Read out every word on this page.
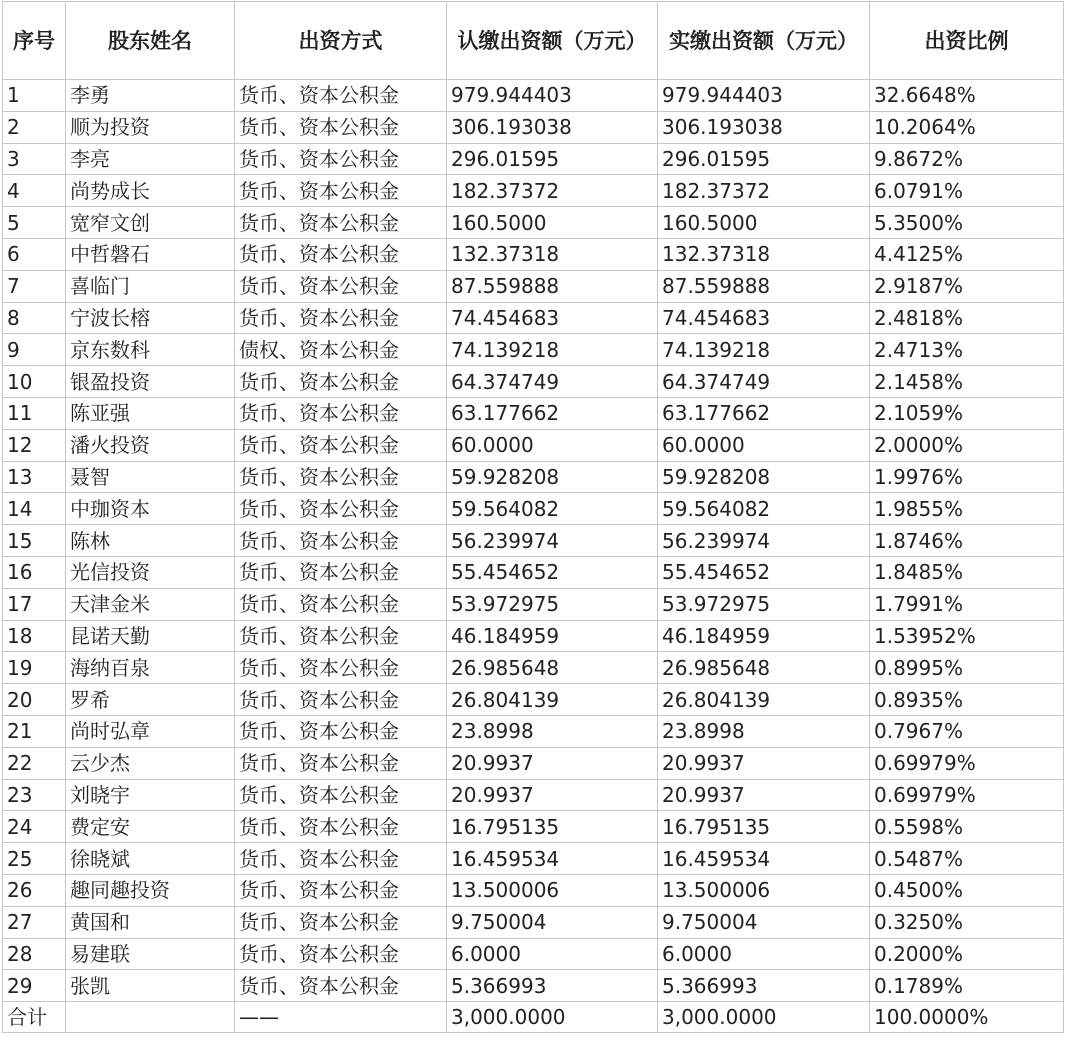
序号	股东姓名	出资方式	认缴出资额（万元）	实缴出资额（万元）	出资比例
1	李勇	货币、资本公积金	979.944403	979.944403	32.6648%
2	顺为投资	货币、资本公积金	306.193038	306.193038	10.2064%
3	李亮	货币、资本公积金	296.01595	296.01595	9.8672%
4	尚势成长	货币、资本公积金	182.37372	182.37372	6.0791%
5	宽窄文创	货币、资本公积金	160.5000	160.5000	5.3500%
6	中哲磐石	货币、资本公积金	132.37318	132.37318	4.4125%
7	喜临门	货币、资本公积金	87.559888	87.559888	2.9187%
8	宁波长榕	货币、资本公积金	74.454683	74.454683	2.4818%
9	京东数科	债权、资本公积金	74.139218	74.139218	2.4713%
10	银盈投资	货币、资本公积金	64.374749	64.374749	2.1458%
11	陈亚强	货币、资本公积金	63.177662	63.177662	2.1059%
12	潘火投资	货币、资本公积金	60.0000	60.0000	2.0000%
13	聂智	货币、资本公积金	59.928208	59.928208	1.9976%
14	中珈资本	货币、资本公积金	59.564082	59.564082	1.9855%
15	陈林	货币、资本公积金	56.239974	56.239974	1.8746%
16	光信投资	货币、资本公积金	55.454652	55.454652	1.8485%
17	天津金米	货币、资本公积金	53.972975	53.972975	1.7991%
18	昆诺天勤	货币、资本公积金	46.184959	46.184959	1.53952%
19	海纳百泉	货币、资本公积金	26.985648	26.985648	0.8995%
20	罗希	货币、资本公积金	26.804139	26.804139	0.8935%
21	尚时弘章	货币、资本公积金	23.8998	23.8998	0.7967%
22	云少杰	货币、资本公积金	20.9937	20.9937	0.69979%
23	刘晓宇	货币、资本公积金	20.9937	20.9937	0.69979%
24	费定安	货币、资本公积金	16.795135	16.795135	0.5598%
25	徐晓斌	货币、资本公积金	16.459534	16.459534	0.5487%
26	趣同趣投资	货币、资本公积金	13.500006	13.500006	0.4500%
27	黄国和	货币、资本公积金	9.750004	9.750004	0.3250%
28	易建联	货币、资本公积金	6.0000	6.0000	0.2000%
29	张凯	货币、资本公积金	5.366993	5.366993	0.1789%
合计		——	3,000.0000	3,000.0000	100.0000%
